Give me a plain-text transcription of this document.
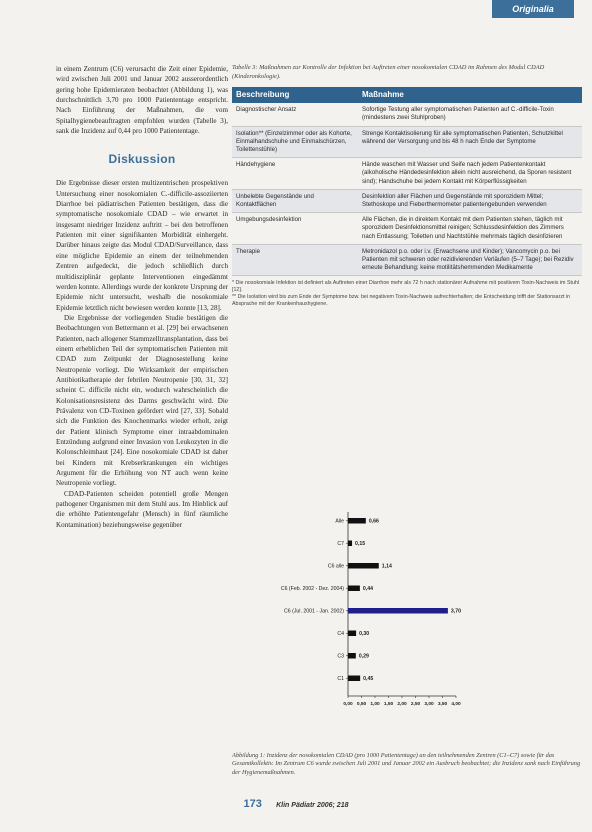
Originalia

in einem Zentrum (C6) verursacht die Zeit einer Epidemie, wird zwischen Juli 2001 und Januar 2002 ausserordentlich gering hohe Epidemieraten beobachtet (Abbildung 1), was durchschnittlich 3,70 pro 1000 Patiententage entspricht. Nach Einführung der Maßnahmen, die vom Spitalhygienebeauftragten empfohlen wurden (Tabelle 3), sank die Inzidenz auf 0,44 pro 1000 Patiententage.

Diskussion

Die Ergebnisse dieser ersten multizentrischen prospektiven Untersuchung einer nosokomialen C.-difficile-assoziierten Diarrhoe bei pädiatrischen Patienten bestätigen, dass die symptomatische nosokomiale CDAD – wie erwartet in insgesamt niedriger Inzidenz auftritt – bei den betroffenen Patienten mit einer signifikanten Morbidität einhergeht. Darüber hinaus zeigte das Modul CDAD/Surveillance, dass eine mögliche Epidemie an einem der teilnehmenden Zentren aufgedeckt, die jedoch schließlich durch multidisziplinär geplante Interventionen eingedämmt werden konnte. Allerdings wurde der konkrete Ursprung der Epidemie nicht untersucht, weshalb die nosokomiale Epidemie letztlich nicht bewiesen werden konnte [13, 28].

Die Ergebnisse der vorliegenden Studie bestätigen die Beobachtungen von Bettermann et al. [29] bei erwachsenen Patienten, nach allogener Stammzelltransplantation, dass bei einem erheblichen Teil der symptomatischen Patienten mit CDAD zum Zeitpunkt der Diagnosestellung keine Neutropenie vorliegt. Die Wirksamkeit der empirischen Antibiotikatherapie der febrilen Neutropenie [30, 31, 32] scheint C. difficile nicht ein, wodurch wahrscheinlich die Kolonisationsresistenz des Darms geschwächt wird. Die Prävalenz von CD-Toxinen gefördert wird [27, 33]. Sobald sich die Funktion des Knochenmarks wieder erholt, zeigt der Patient klinisch Symptome einer intraabdominalen Entzündung aufgrund einer Invasion von Leukozyten in die Kolonschleimhaut [24]. Eine nosokomiale CDAD ist daher bei Kindern mit Krebserkrankungen ein wichtiges Argument für die Erhöhung von NT auch wenn keine Neutropenie vorliegt.

CDAD-Patienten scheiden potentiell große Mengen pathogener Organismen mit dem Stuhl aus. Im Hinblick auf die erhöhte Patientengefahr (Mensch) in fünf räumliche Kontamination) beziehungsweise gegenüber

Tabelle 3: Maßnahmen zur Kontrolle der Infektion bei Auftreten einer nosokomialen CDAD im Rahmen des Modul CDAD (Kinderonkologie).
Beschreibung	Maßnahme
Diagnostischer Ansatz	Sofortige Testung aller symptomatischen Patienten auf C.-difficile-Toxin (mindestens zwei Stuhlproben)
Isolation** (Einzelzimmer oder als Kohorte, Einmalhandschuhe und Einmalschürzen, Toilettenstühle)	Strenge Kontaktisolierung für alle symptomatischen Patienten, Schutzkittel während der Versorgung und bis 48 h nach Ende der Symptome
Händehygiene	Hände waschen mit Wasser und Seife nach jedem Patientenkontakt (alkoholische Händedesinfektion allein nicht ausreichend, da Sporen resistent sind); Handschuhe bei jedem Kontakt mit Körperflüssigkeiten
Unbelebte Gegenstände und Kontaktflächen	Desinfektion aller Flächen und Gegenstände mit sporozidem Mittel; Stethoskope und Fieberthermometer patientengebunden verwenden
Umgebungsdesinfektion	Alle Flächen, die in direktem Kontakt mit dem Patienten stehen, täglich mit sporozidem Desinfektionsmittel reinigen; Schlussdesinfektion des Zimmers nach Entlassung; Toiletten und Nachtstühle mehrmals täglich desinfizieren
Therapie	Metronidazol p.o. oder i.v. (Erwachsene und Kinder); Vancomycin p.o. bei Patienten mit schweren oder rezidivierenden Verläufen (5–7 Tage); bei Rezidiv erneute Behandlung; keine motilitätshemmenden Medikamente
* Die nosokomiale Infektion ist definiert als Auftreten einer Diarrhoe mehr als 72 h nach stationärer Aufnahme mit positivem Toxin-Nachweis im Stuhl [12].
** Die Isolation wird bis zum Ende der Symptome bzw. bei negativem Toxin-Nachweis aufrechterhalten; die Entscheidung trifft der Stationsarzt in Absprache mit der Krankenhaushygiene.
Alle	0,66
C7 0,15
C6 alle	1,14
C6 (Feb. 2002 - Dez. 2004)	0,44
C6 (Jul. 2001 - Jan. 2002)	3,70
C4	0,30
C3	0,29
C1	0,45
0,00 0,50 1,00 1,50 2,00 2,50 3,00 3,50 4,00
Abbildung 1: Inzidenz der nosokomialen CDAD (pro 1000 Patiententage) an den teilnehmenden Zentren (C1–C7) sowie für das Gesamtkollektiv. Im Zentrum C6 wurde zwischen Juli 2001 und Januar 2002 ein Ausbruch beobachtet; die Inzidenz sank nach Einführung der Hygienemaßnahmen.
173 Klin Pädiatr 2006; 218
